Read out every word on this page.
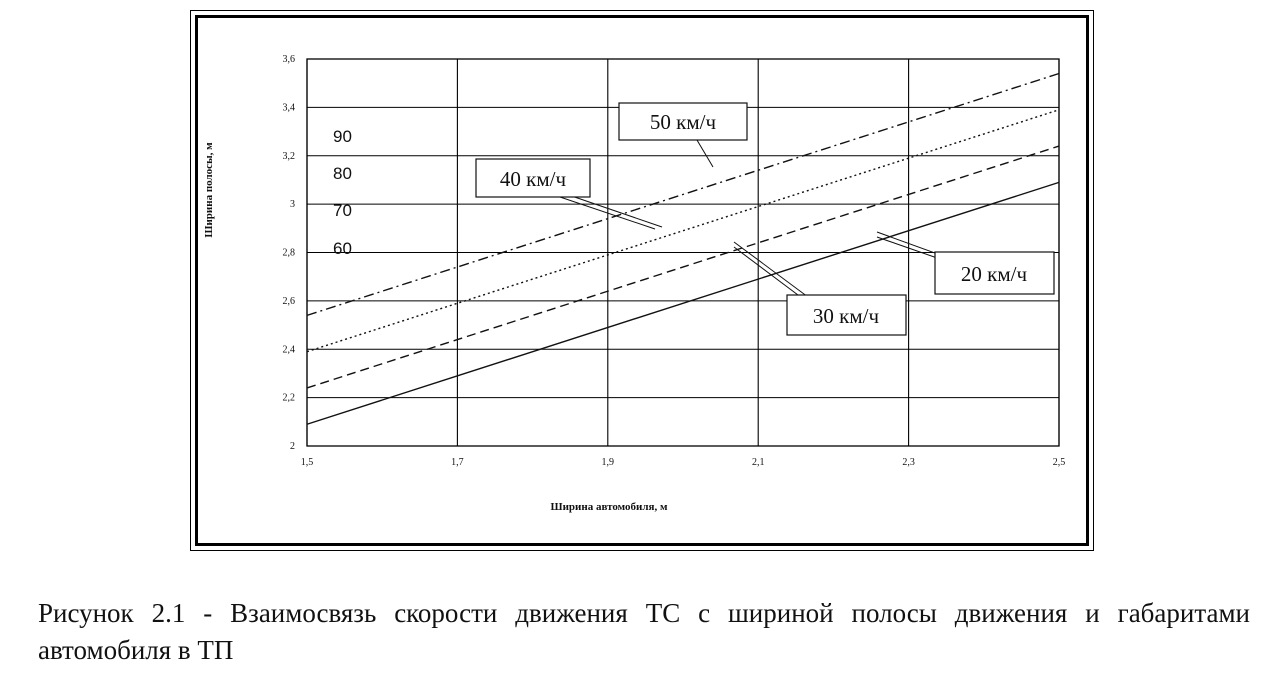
1,5	1,7	1,9	2,1	2,3	2,5
2
2,2
2,4
2,6
2,8
3
3,2
3,4
3,6
Ширина полосы, м
Ширина автомобиля, м
90
80
70
60
50 км/ч
40 км/ч
30 км/ч
20 км/ч
Рисунок 2.1 - Взаимосвязь скорости движения ТС с шириной полосы движения и габаритами автомобиля в ТП
